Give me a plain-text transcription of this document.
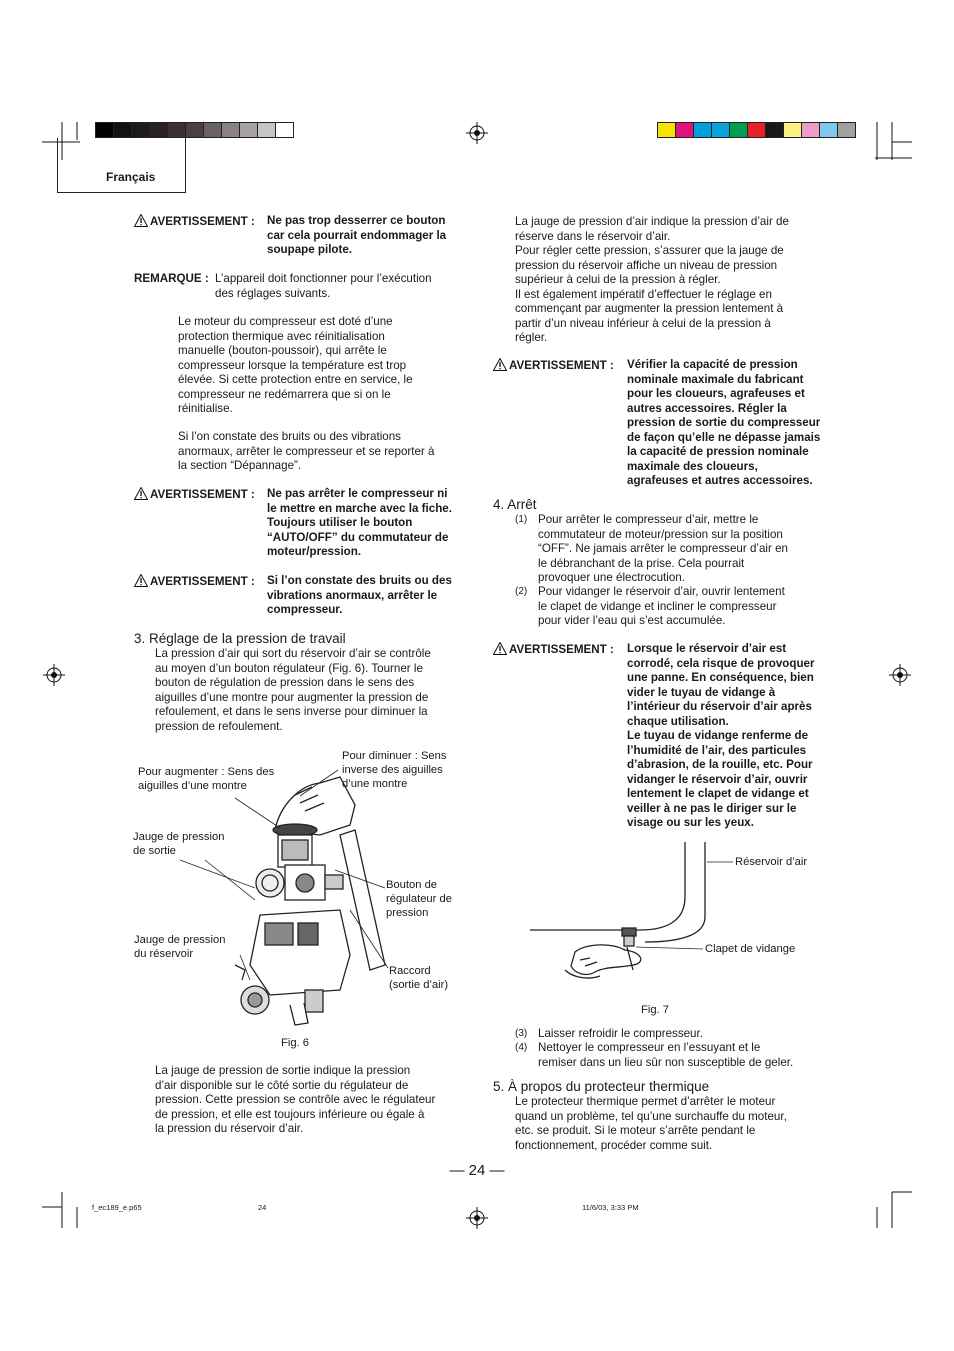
Français
AVERTISSEMENT : Ne pas trop desserrer ce bouton
car cela pourrait endommager la
soupape pilote.
REMARQUE : L’appareil doit fonctionner pour l’exécution
des réglages suivants.
Le moteur du compresseur est doté d’une
protection thermique avec réinitialisation
manuelle (bouton-poussoir), qui arrête le
compresseur lorsque la température est trop
élevée. Si cette protection entre en service, le
compresseur ne redémarrera que si on le
réinitialise.
Si l’on constate des bruits ou des vibrations
anormaux, arrêter le compresseur et se reporter à
la section “Dépannage”.
AVERTISSEMENT : Ne pas arrêter le compresseur ni
le mettre en marche avec la fiche.
Toujours utiliser le bouton
“AUTO/OFF” du commutateur de
moteur/pression.
AVERTISSEMENT : Si l’on constate des bruits ou des
vibrations anormaux, arrêter le
compresseur.
3. Réglage de la pression de travail
La pression d’air qui sort du réservoir d’air se contrôle
au moyen d’un bouton régulateur (Fig. 6). Tourner le
bouton de régulation de pression dans le sens des
aiguilles d’une montre pour augmenter la pression de
refoulement, et dans le sens inverse pour diminuer la
pression de refoulement.
Pour augmenter : Sens des
aiguilles d’une montre
Pour diminuer : Sens
inverse des aiguilles
d’une montre
Jauge de pression
de sortie
Bouton de
régulateur de
pression
Jauge de pression
du réservoir
Raccord
(sortie d’air)
Fig. 6
La jauge de pression de sortie indique la pression
d’air disponible sur le côté sortie du régulateur de
pression. Cette pression se contrôle avec le régulateur
de pression, et elle est toujours inférieure ou égale à
la pression du réservoir d’air.
La jauge de pression d’air indique la pression d’air de
réserve dans le réservoir d’air.
Pour régler cette pression, s’assurer que la jauge de
pression du réservoir affiche un niveau de pression
supérieur à celui de la pression à régler.
Il est également impératif d’effectuer le réglage en
commençant par augmenter la pression lentement à
partir d’un niveau inférieur à celui de la pression à
régler.
AVERTISSEMENT : Vérifier la capacité de pression
nominale maximale du fabricant
pour les cloueurs, agrafeuses et
autres accessoires. Régler la
pression de sortie du compresseur
de façon qu’elle ne dépasse jamais
la capacité de pression nominale
maximale des cloueurs,
agrafeuses et autres accessoires.
4. Arrêt
(1) Pour arrêter le compresseur d’air, mettre le
commutateur de moteur/pression sur la position
“OFF”. Ne jamais arrêter le compresseur d’air en
le débranchant de la prise. Cela pourrait
provoquer une électrocution.
(2) Pour vidanger le réservoir d’air, ouvrir lentement
le clapet de vidange et incliner le compresseur
pour vider l’eau qui s’est accumulée.
AVERTISSEMENT : Lorsque le réservoir d’air est
corrodé, cela risque de provoquer
une panne. En conséquence, bien
vider le tuyau de vidange à
l’intérieur du réservoir d’air après
chaque utilisation.
Le tuyau de vidange renferme de
l’humidité de l’air, des particules
d’abrasion, de la rouille, etc. Pour
vidanger le réservoir d’air, ouvrir
lentement le clapet de vidange et
veiller à ne pas le diriger sur le
visage ou sur les yeux.
Réservoir d’air
Clapet de vidange
Fig. 7
(3) Laisser refroidir le compresseur.
(4) Nettoyer le compresseur en l’essuyant et le
remiser dans un lieu sûr non susceptible de geler.
5. À propos du protecteur thermique
Le protecteur thermique permet d’arrêter le moteur
quand un problème, tel qu’une surchauffe du moteur,
etc. se produit. Si le moteur s’arrête pendant le
fonctionnement, procéder comme suit.
— 24 —
f_ec189_e.p65	24	11/6/03, 3:33 PM
